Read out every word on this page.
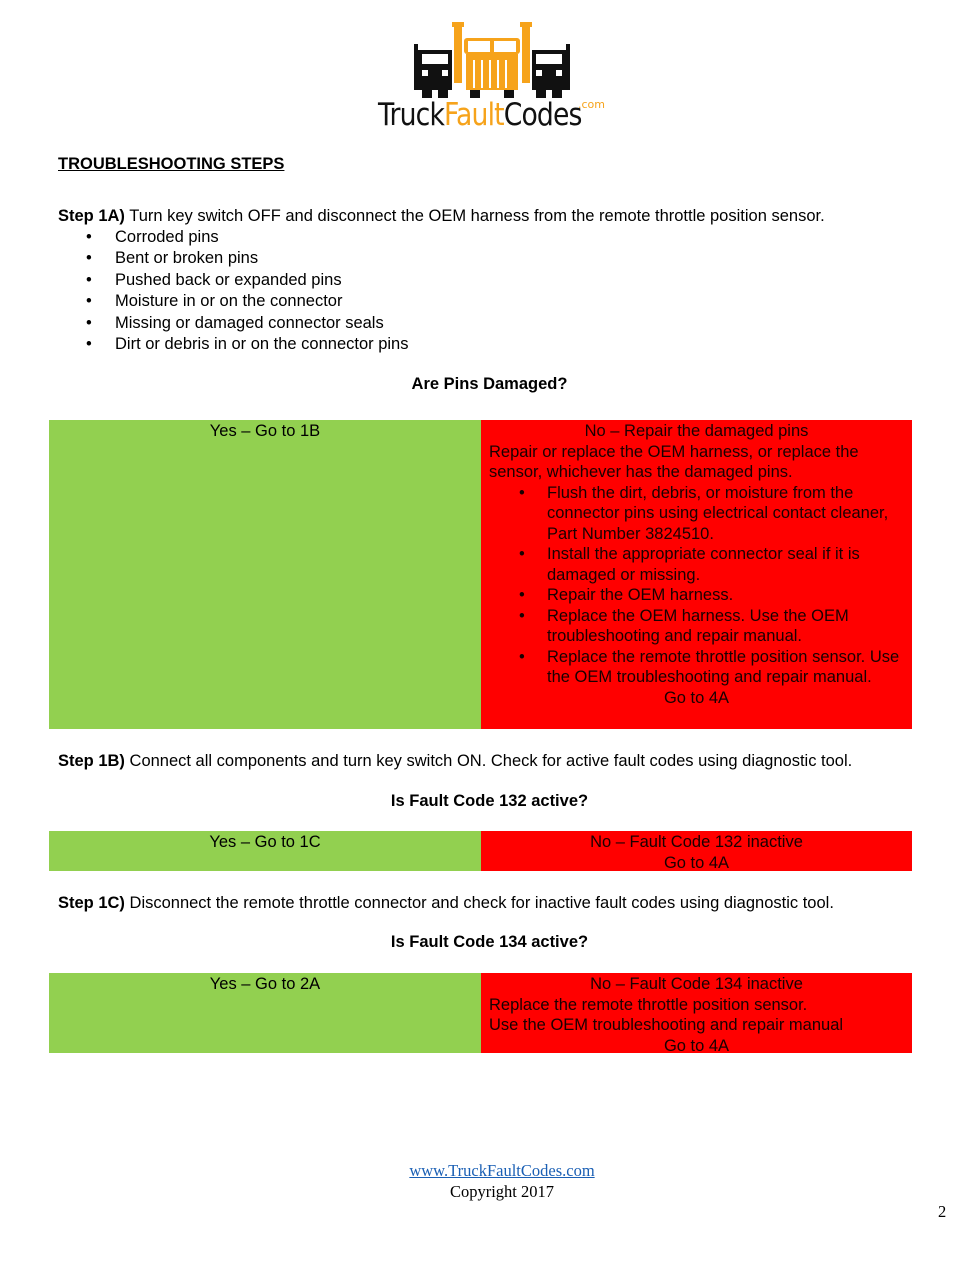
TruckFaultCodes
.com
TROUBLESHOOTING STEPS
Step 1A) Turn key switch OFF and disconnect the OEM harness from the remote throttle position sensor.
• Corroded pins
• Bent or broken pins
• Pushed back or expanded pins
• Moisture in or on the connector
• Missing or damaged connector seals
• Dirt or debris in or on the connector pins
Are Pins Damaged?
Yes – Go to 1B	No – Repair the damaged pins
Repair or replace the OEM harness, or replace the sensor, whichever has the damaged pins.
• Flush the dirt, debris, or moisture from the connector pins using electrical contact cleaner, Part Number 3824510.
• Install the appropriate connector seal if it is damaged or missing.
• Repair the OEM harness.
• Replace the OEM harness. Use the OEM troubleshooting and repair manual.
• Replace the remote throttle position sensor. Use the OEM troubleshooting and repair manual.
Go to 4A
Step 1B) Connect all components and turn key switch ON. Check for active fault codes using diagnostic tool.
Is Fault Code 132 active?
Yes – Go to 1C	No – Fault Code 132 inactive
Go to 4A
Step 1C) Disconnect the remote throttle connector and check for inactive fault codes using diagnostic tool.
Is Fault Code 134 active?
Yes – Go to 2A	No – Fault Code 134 inactive
Replace the remote throttle position sensor.
Use the OEM troubleshooting and repair manual
Go to 4A
www.TruckFaultCodes.com
Copyright 2017
2
